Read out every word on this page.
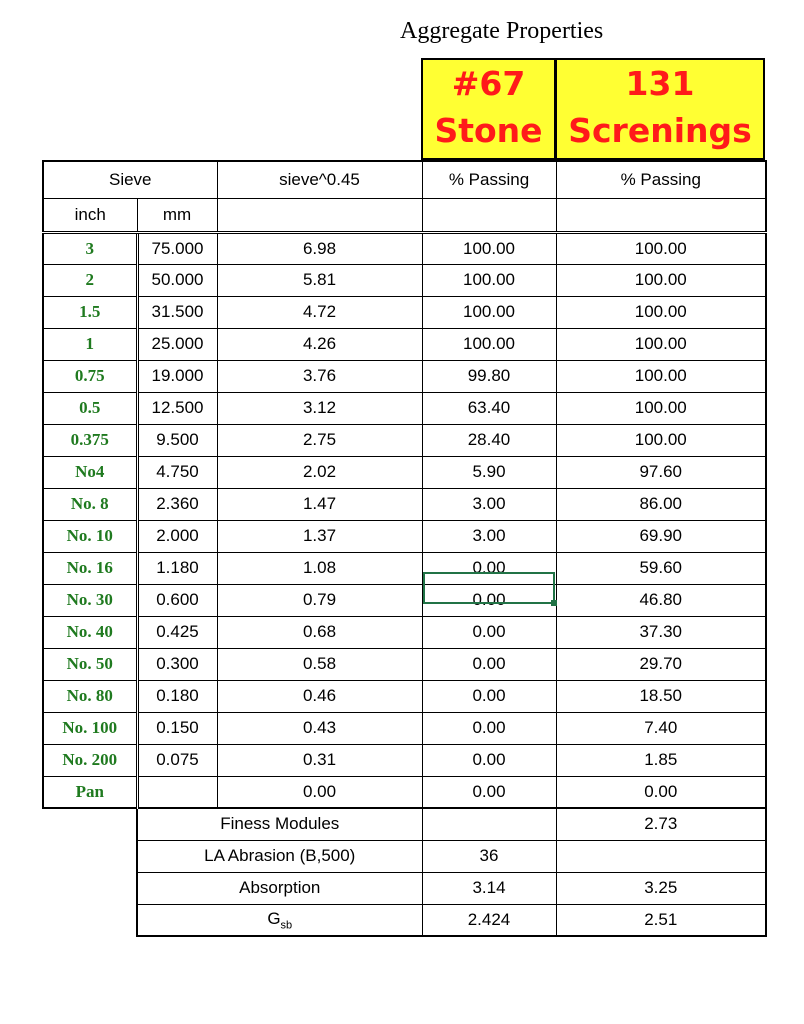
Aggregate Properties
#67
Stone
131
Screnings
Sieve		sieve^0.45	% Passing	% Passing
inch	mm			
3	75.000	6.98	100.00	100.00
2	50.000	5.81	100.00	100.00
1.5	31.500	4.72	100.00	100.00
1	25.000	4.26	100.00	100.00
0.75	19.000	3.76	99.80	100.00
0.5	12.500	3.12	63.40	100.00
0.375	9.500	2.75	28.40	100.00
No4	4.750	2.02	5.90	97.60
No. 8	2.360	1.47	3.00	86.00
No. 10	2.000	1.37	3.00	69.90
No. 16	1.180	1.08	0.00	59.60
No. 30	0.600	0.79	0.00	46.80
No. 40	0.425	0.68	0.00	37.30
No. 50	0.300	0.58	0.00	29.70
No. 80	0.180	0.46	0.00	18.50
No. 100	0.150	0.43	0.00	7.40
No. 200	0.075	0.31	0.00	1.85
Pan		0.00	0.00	0.00
	Finess Modules			2.73
	LA Abrasion (B,500)		36	
	Absorption		3.14	3.25
	$G_{sb}$		2.424	2.51
